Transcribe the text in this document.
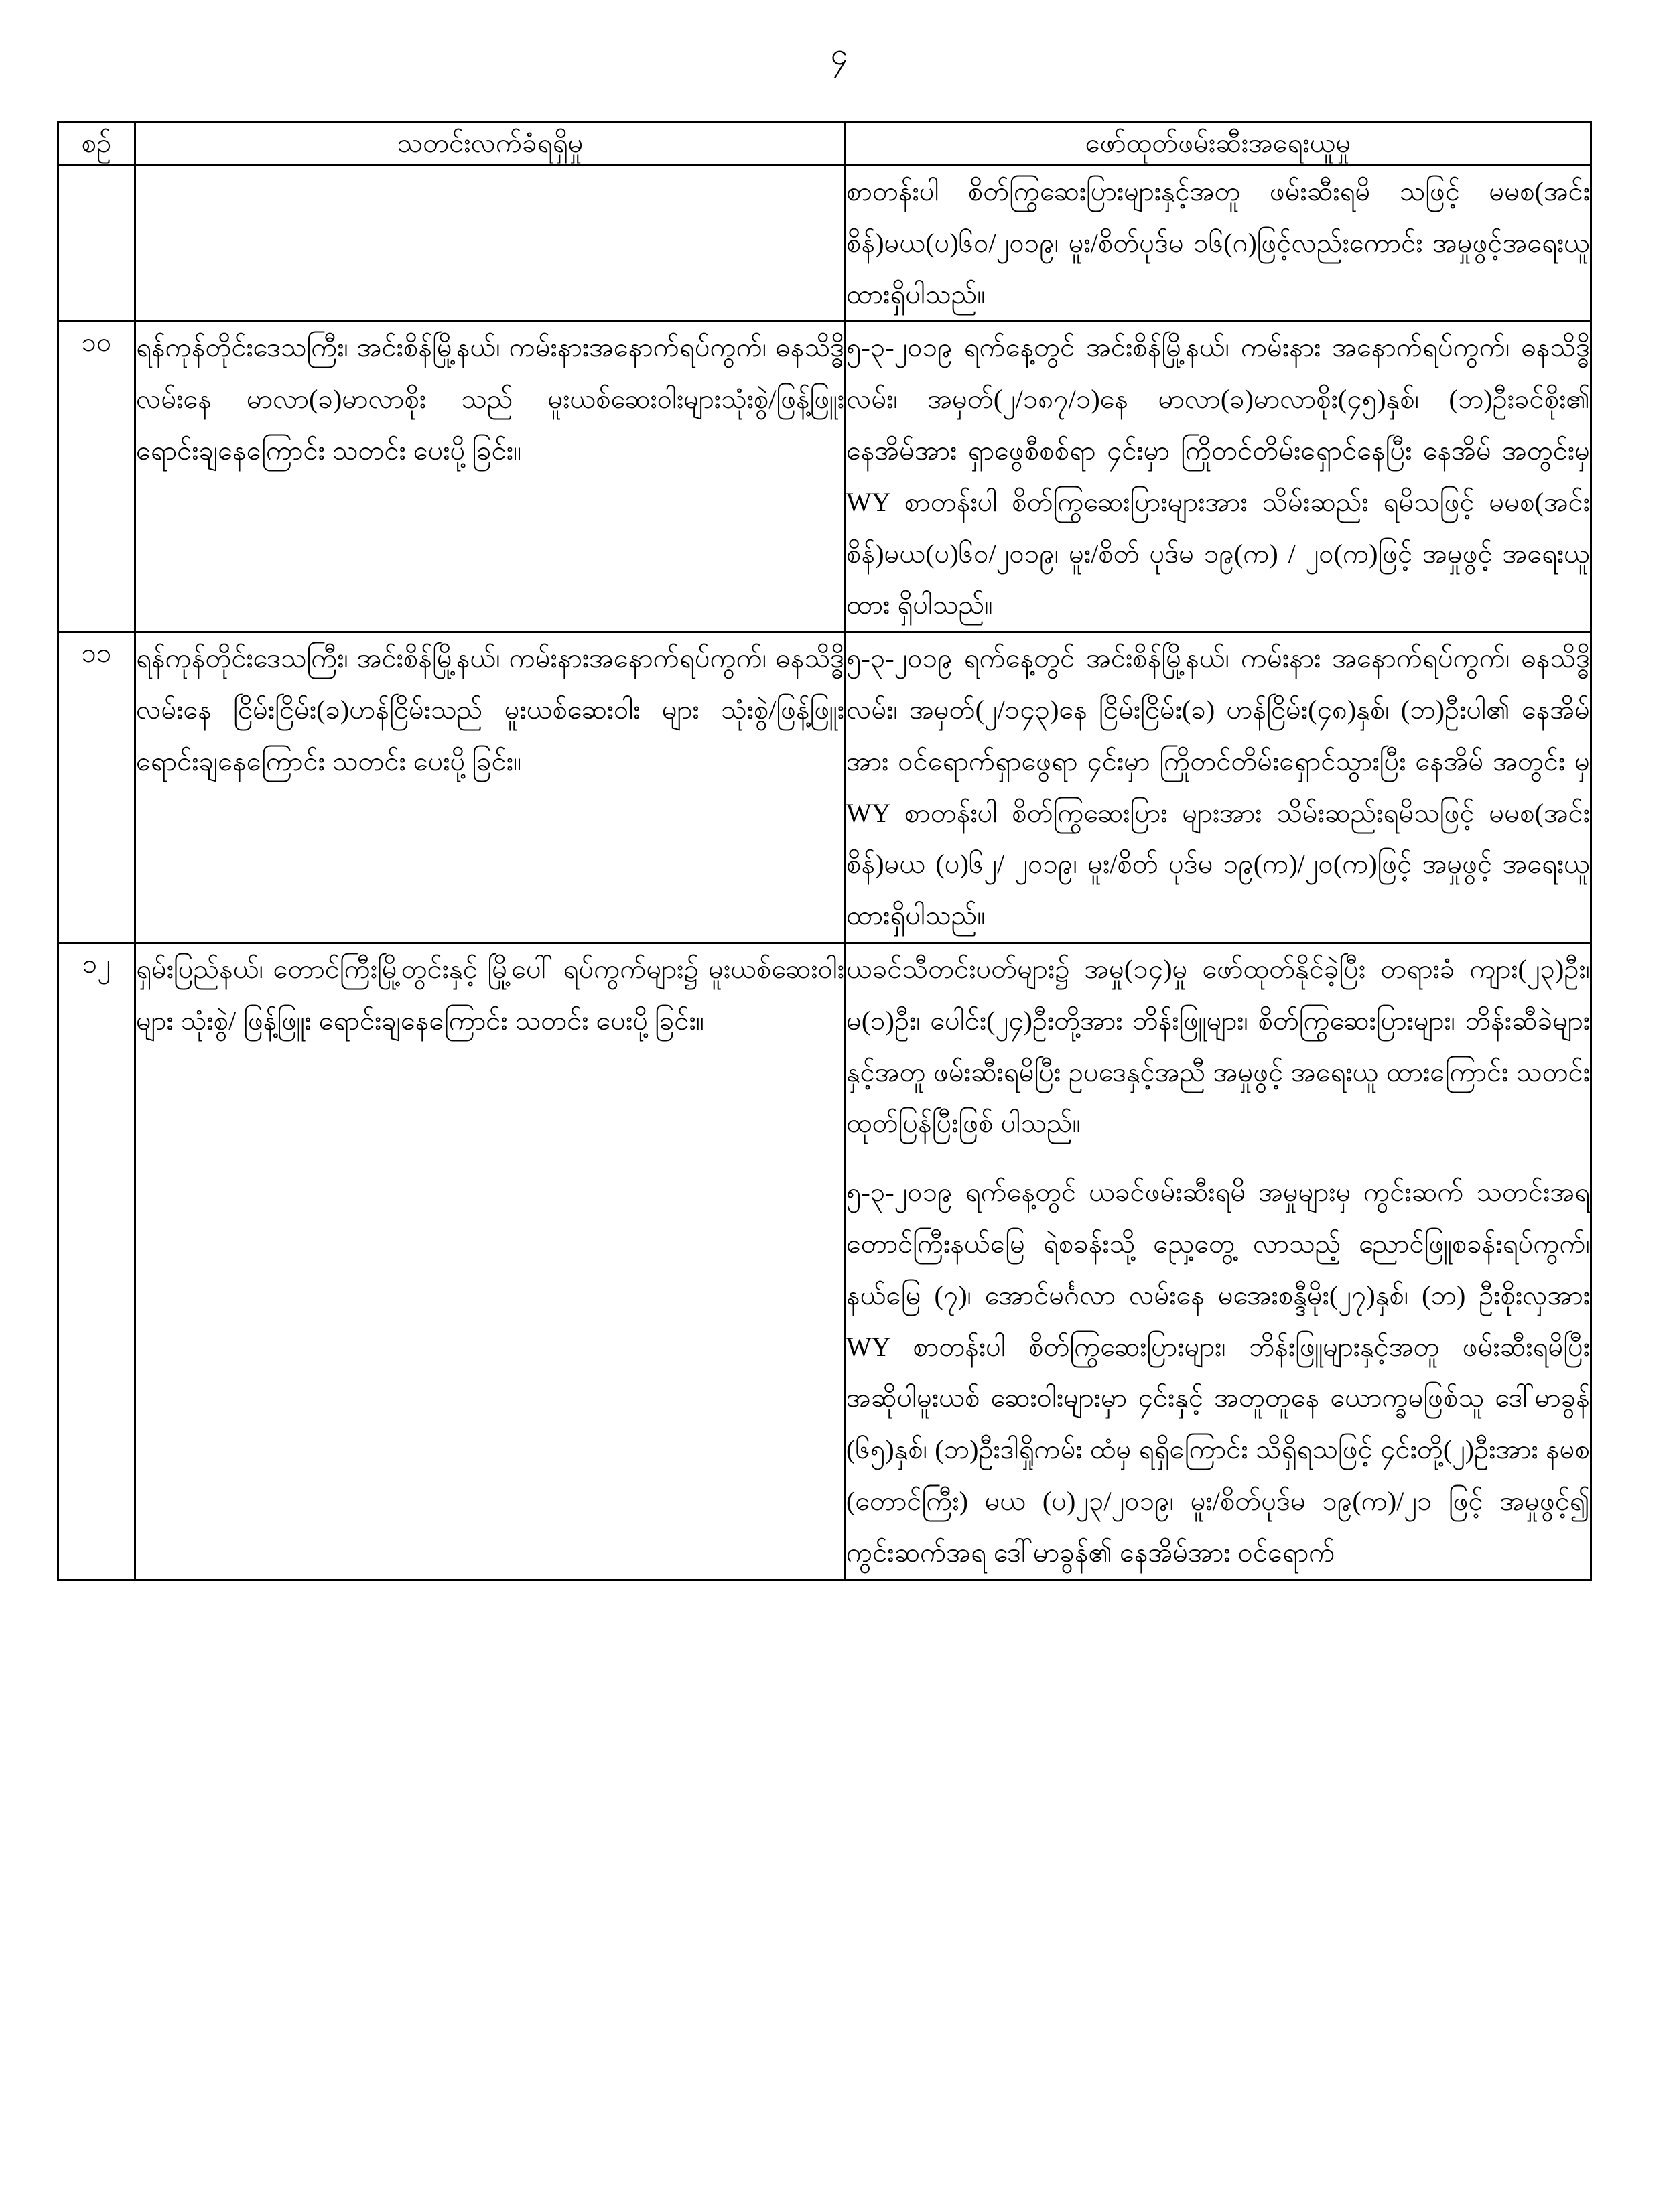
၄
စဉ်	သတင်းလက်ခံရရှိမှု	ဖော်ထုတ်ဖမ်းဆီးအရေးယူမှု

		စာတန်းပါ စိတ်ကြွဆေးပြားများနှင့်အတူ ဖမ်းဆီးရမိ သဖြင့် မမစ(အင်းစိန်)မယ(ပ)၆၀/၂၀၁၉၊ မူး/စိတ်ပုဒ်မ ၁၆(ဂ)ဖြင့်လည်းကောင်း အမှုဖွင့်အရေးယူထားရှိပါသည်။

၁၀	ရန်ကုန်တိုင်းဒေသကြီး၊ အင်းစိန်မြို့နယ်၊ ကမ်းနားအနောက်ရပ်ကွက်၊ ဓနသိဒ္ဓိလမ်းနေ မာလာ(ခ)မာလာစိုး သည် မူးယစ်ဆေးဝါးများသုံးစွဲ/ဖြန့်ဖြူး ရောင်းချနေကြောင်း သတင်း ပေးပို့ခြင်း။	၅-၃-၂၀၁၉ ရက်နေ့တွင် အင်းစိန်မြို့နယ်၊ ကမ်းနား အနောက်ရပ်ကွက်၊ ဓနသိဒ္ဓိလမ်း၊ အမှတ်(၂/၁၈၇/၁)နေ မာလာ(ခ)မာလာစိုး(၄၅)နှစ်၊ (ဘ)ဦးခင်စိုး၏ နေအိမ်အား ရှာဖွေစီစစ်ရာ ၄င်းမှာ ကြိုတင်တိမ်းရှောင်နေပြီး နေအိမ် အတွင်းမှ WY စာတန်းပါ စိတ်ကြွဆေးပြားများအား သိမ်းဆည်း ရမိသဖြင့် မမစ(အင်းစိန်)မယ(ပ)၆၀/၂၀၁၉၊ မူး/စိတ် ပုဒ်မ ၁၉(က) / ၂၀(က)ဖြင့် အမှုဖွင့် အရေးယူထား ရှိပါသည်။

၁၁	ရန်ကုန်တိုင်းဒေသကြီး၊ အင်းစိန်မြို့နယ်၊ ကမ်းနားအနောက်ရပ်ကွက်၊ ဓနသိဒ္ဓိလမ်းနေ ငြိမ်းငြိမ်း(ခ)ဟန်ငြိမ်းသည် မူးယစ်ဆေးဝါး များ သုံးစွဲ/ဖြန့်ဖြူး ရောင်းချနေကြောင်း သတင်း ပေးပို့ခြင်း။	၅-၃-၂၀၁၉ ရက်နေ့တွင် အင်းစိန်မြို့နယ်၊ ကမ်းနား အနောက်ရပ်ကွက်၊ ဓနသိဒ္ဓိလမ်း၊ အမှတ်(၂/၁၄၃)နေ ငြိမ်းငြိမ်း(ခ) ဟန်ငြိမ်း(၄၈)နှစ်၊ (ဘ)ဦးပါ၏ နေအိမ်အား ဝင်ရောက်ရှာဖွေရာ ၄င်းမှာ ကြိုတင်တိမ်းရှောင်သွားပြီး နေအိမ် အတွင်း မှ WY စာတန်းပါ စိတ်ကြွဆေးပြား များအား သိမ်းဆည်းရမိသဖြင့် မမစ(အင်းစိန်)မယ (ပ)၆၂/ ၂၀၁၉၊ မူး/စိတ် ပုဒ်မ ၁၉(က)/၂၀(က)ဖြင့် အမှုဖွင့် အရေးယူ ထားရှိပါသည်။

၁၂	ရှမ်းပြည်နယ်၊ တောင်ကြီးမြို့တွင်းနှင့် မြို့ပေါ် ရပ်ကွက်များ၌ မူးယစ်ဆေးဝါးများ သုံးစွဲ/ ဖြန့်ဖြူး ရောင်းချနေကြောင်း သတင်း ပေးပို့ခြင်း။	ယခင်သီတင်းပတ်များ၌ အမှု(၁၄)မှု ဖော်ထုတ်နိုင်ခဲ့ပြီး တရားခံ ကျား(၂၃)ဦး၊ မ(၁)ဦး၊ ပေါင်း(၂၄)ဦးတို့အား ဘိန်းဖြူများ၊ စိတ်ကြွဆေးပြားများ၊ ဘိန်းဆီခဲများနှင့်အတူ ဖမ်းဆီးရမိပြီး ဥပဒေနှင့်အညီ အမှုဖွင့် အရေးယူ ထားကြောင်း သတင်း ထုတ်ပြန်ပြီးဖြစ် ပါသည်။

၅-၃-၂၀၁၉ ရက်နေ့တွင် ယခင်ဖမ်းဆီးရမိ အမှုများမှ ကွင်းဆက် သတင်းအရ တောင်ကြီးနယ်မြေ ရဲစခန်းသို့ ညှေ့တွေ့ လာသည့် ညောင်ဖြူစခန်းရပ်ကွက်၊ နယ်မြေ (၇)၊ အောင်မင်္ဂလာ လမ်းနေ မအေးစန္ဒီမိုး(၂၇)နှစ်၊ (ဘ) ဦးစိုးလှအား WY စာတန်းပါ စိတ်ကြွဆေးပြားများ၊ ဘိန်းဖြူများနှင့်အတူ ဖမ်းဆီးရမိပြီး အဆိုပါမူးယစ် ဆေးဝါးများမှာ ၄င်းနှင့် အတူတူနေ ယောက္ခမဖြစ်သူ ဒေါ်မာခွန် (၆၅)နှစ်၊ (ဘ)ဦးဒါရှိုကမ်း ထံမှ ရရှိကြောင်း သိရှိရသဖြင့် ၄င်းတို့(၂)ဦးအား နမစ (တောင်ကြီး) မယ (ပ)၂၃/၂၀၁၉၊ မူး/စိတ်ပုဒ်မ ၁၉(က)/၂၁ ဖြင့် အမှုဖွင့်၍ ကွင်းဆက်အရ ဒေါ်မာခွန်၏ နေအိမ်အား ဝင်ရောက်
